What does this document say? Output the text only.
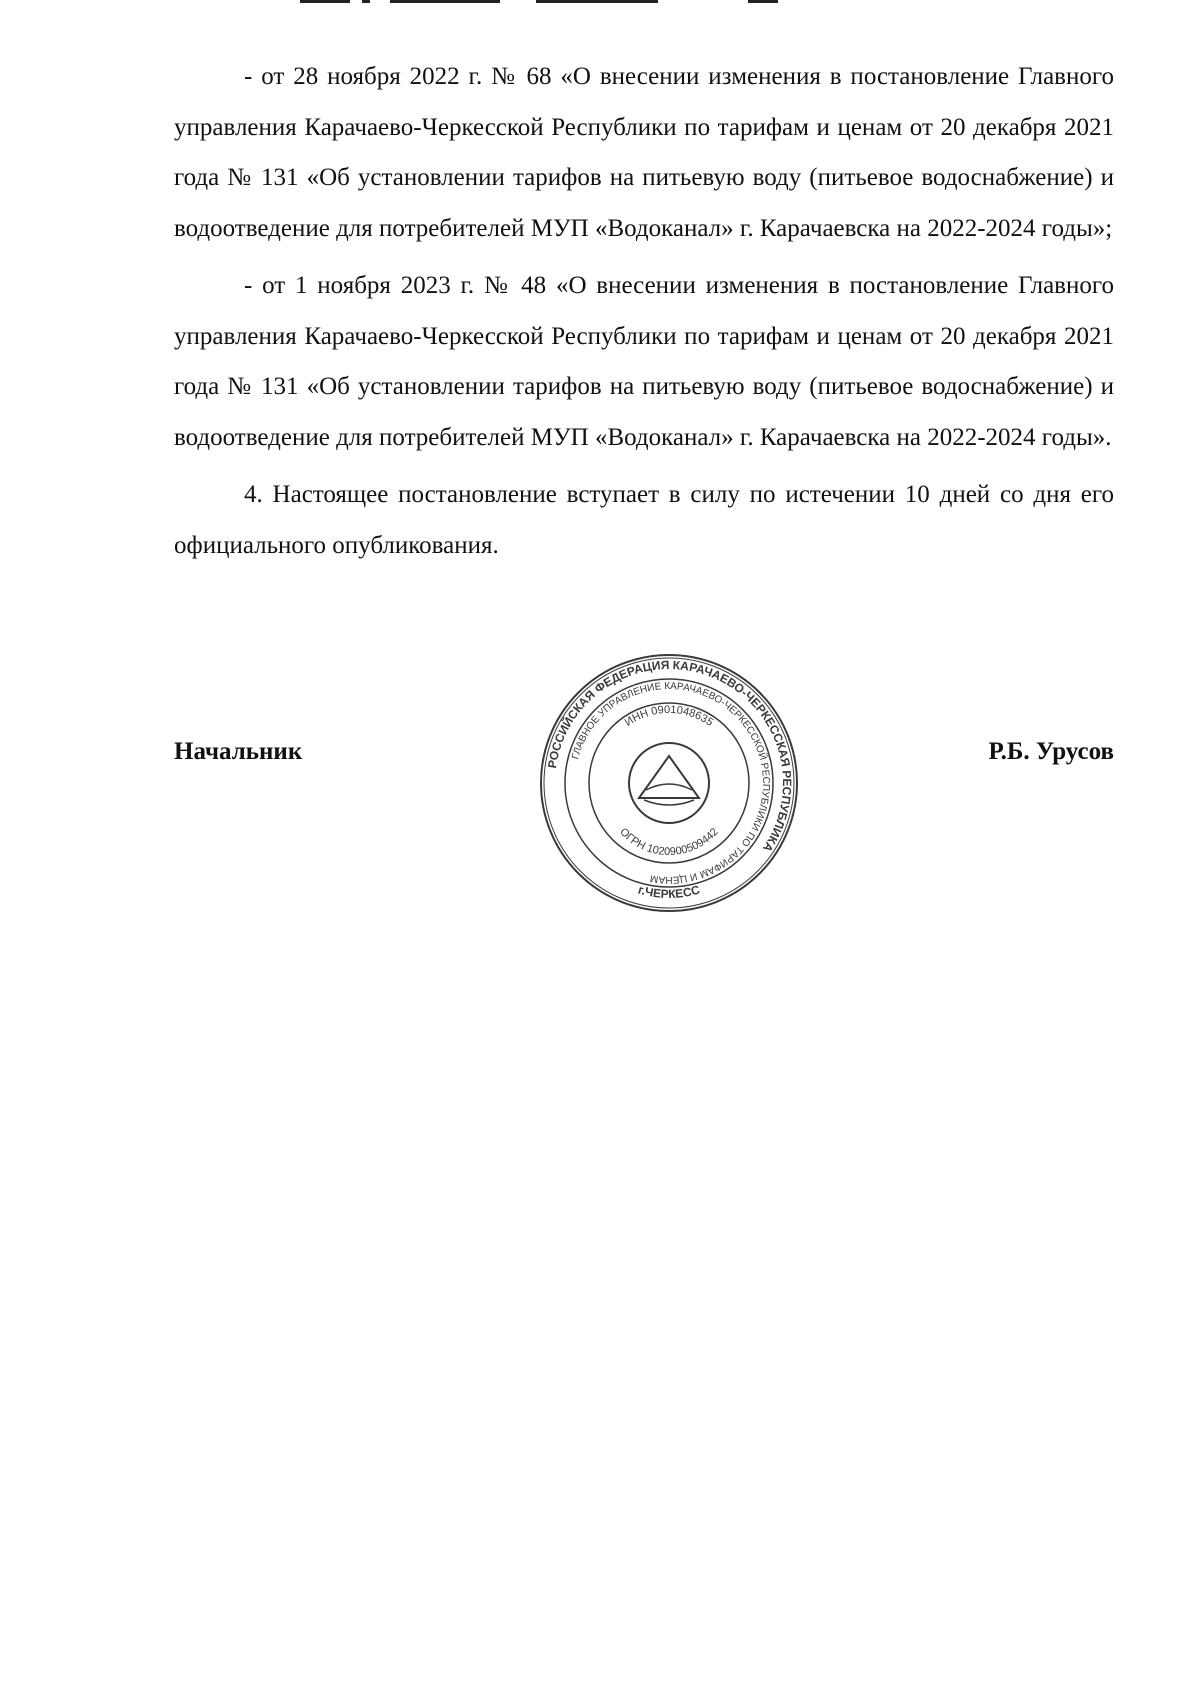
- от 28 ноября 2022 г. № 68 «О внесении изменения в постановление Главного управления Карачаево-Черкесской Республики по тарифам и ценам от 20 декабря 2021 года № 131 «Об установлении тарифов на питьевую воду (питьевое водоснабжение) и водоотведение для потребителей МУП «Водоканал» г. Карачаевска на 2022-2024 годы»;

- от 1 ноября 2023 г. № 48 «О внесении изменения в постановление Главного управления Карачаево-Черкесской Республики по тарифам и ценам от 20 декабря 2021 года № 131 «Об установлении тарифов на питьевую воду (питьевое водоснабжение) и водоотведение для потребителей МУП «Водоканал» г. Карачаевска на 2022-2024 годы».

4. Настоящее постановление вступает в силу по истечении 10 дней со дня его официального опубликования.

Начальник	Р.Б. Урусов
РОССИЙСКАЯ ФЕДЕРАЦИЯ КАРАЧАЕВО-ЧЕРКЕССКАЯ РЕСПУБЛИКА
ГЛАВНОЕ УПРАВЛЕНИЕ КАРАЧАЕВО-ЧЕРКЕССКОЙ РЕСПУБЛИКИ ПО ТАРИФАМ И ЦЕНАМ
ИНН 0901048635
ОГРН 1020900509442
г.ЧЕРКЕСС
